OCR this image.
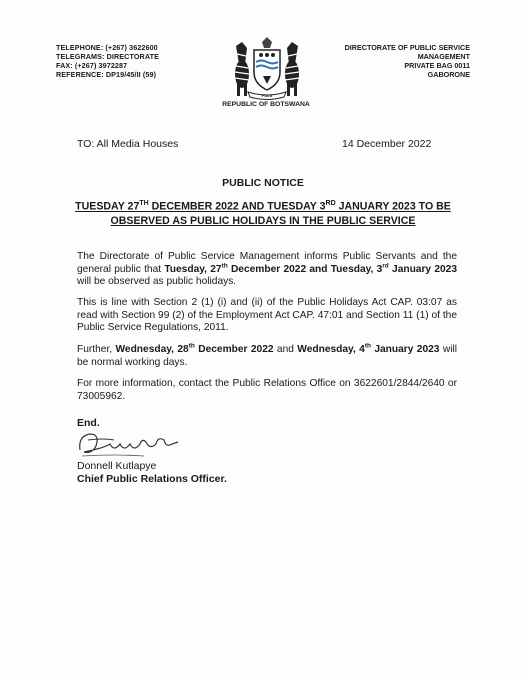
TELEPHONE: (+267) 3622600
TELEGRAMS: DIRECTORATE
FAX: (+267) 3972287
REFERENCE: DP19/45/II (59)
PULA
REPUBLIC OF BOTSWANA
DIRECTORATE OF PUBLIC SERVICE
MANAGEMENT
PRIVATE BAG 0011
GABORONE
TO: All Media Houses	14 December 2022
PUBLIC NOTICE
TUESDAY 27TH DECEMBER 2022 AND TUESDAY 3RD JANUARY 2023 TO BE OBSERVED AS PUBLIC HOLIDAYS IN THE PUBLIC SERVICE
The Directorate of Public Service Management informs Public Servants and the general public that Tuesday, 27th December 2022 and Tuesday, 3rd January 2023 will be observed as public holidays.
This is line with Section 2 (1) (i) and (ii) of the Public Holidays Act CAP. 03:07 as read with Section 99 (2) of the Employment Act CAP. 47:01 and Section 11 (1) of the Public Service Regulations, 2011.
Further, Wednesday, 28th December 2022 and Wednesday, 4th January 2023 will be normal working days.
For more information, contact the Public Relations Office on 3622601/2844/2640 or 73005962.
End.
Donnell Kutlapye
Chief Public Relations Officer.
